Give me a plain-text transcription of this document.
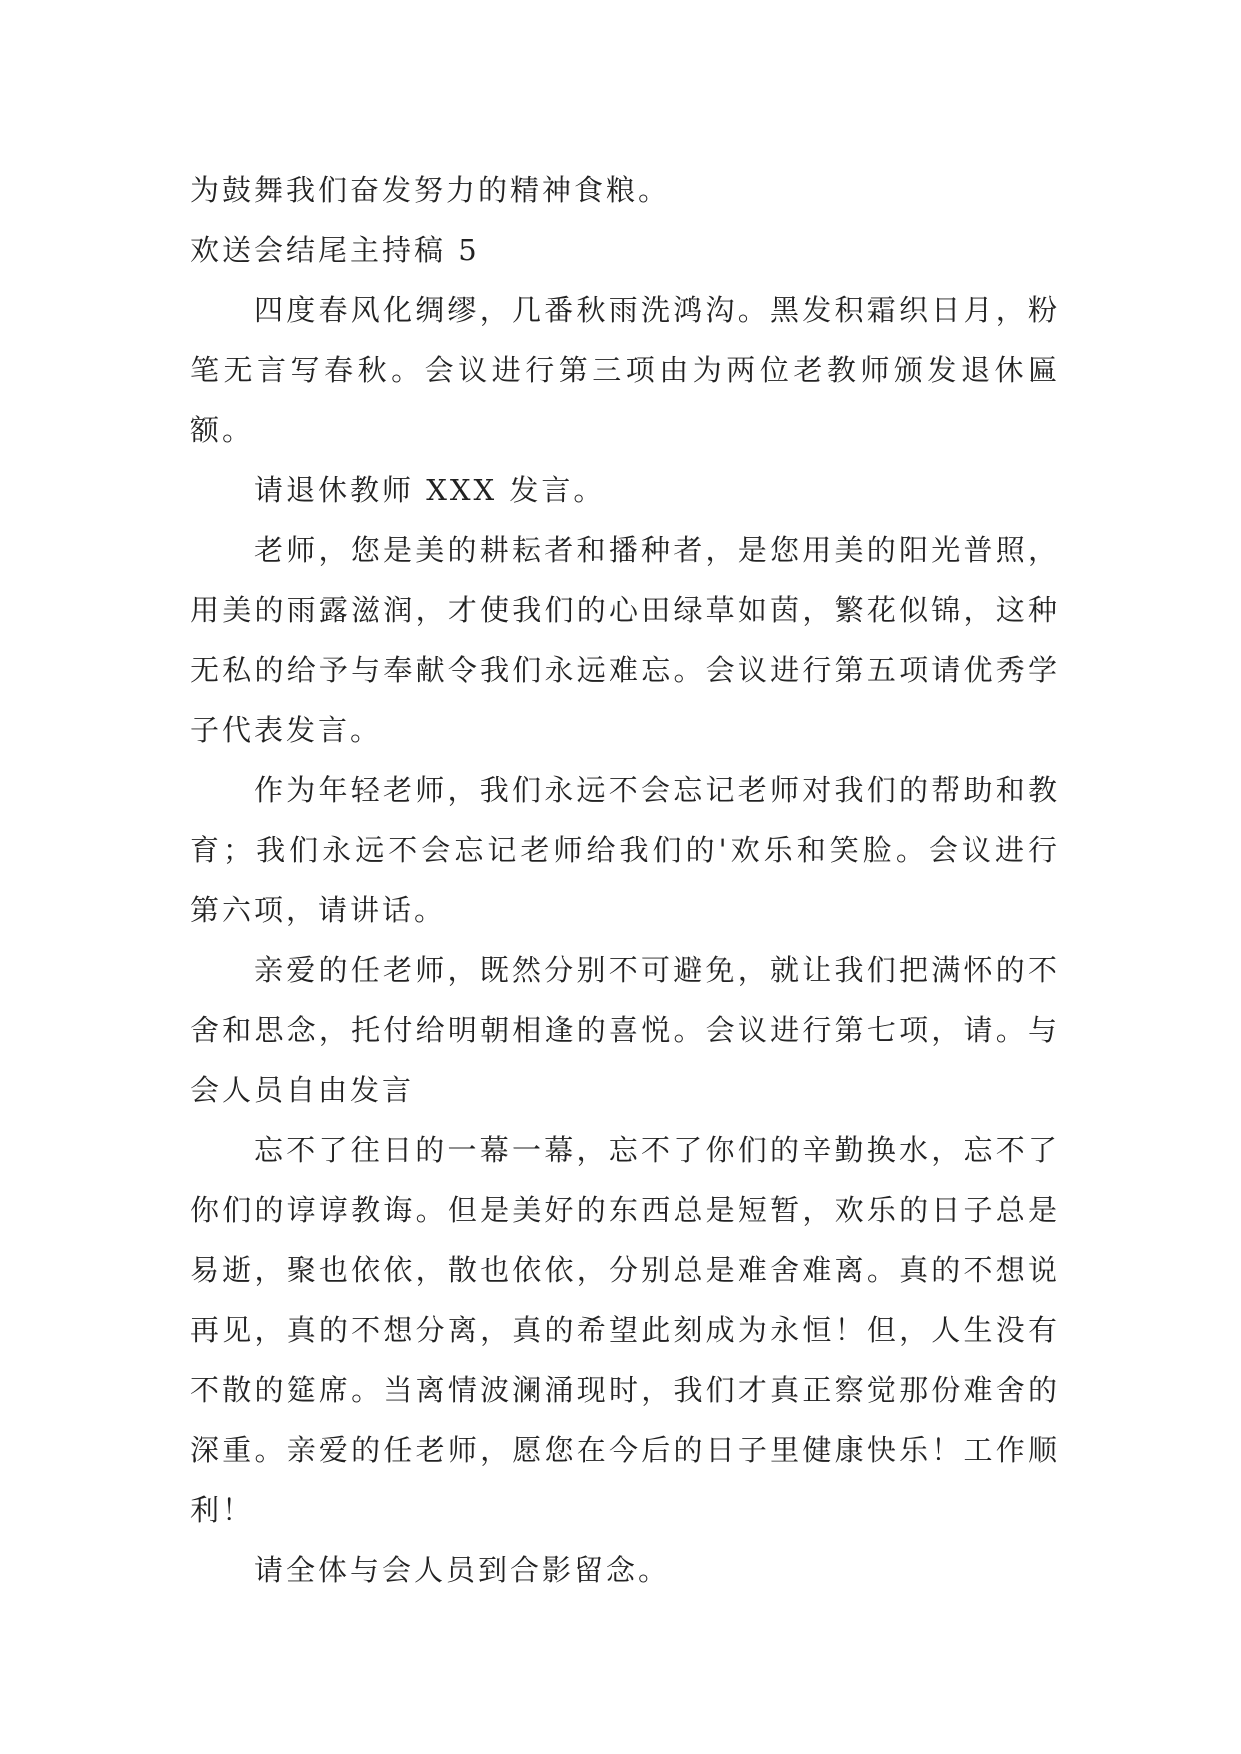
为鼓舞我们奋发努力的精神食粮。

欢送会结尾主持稿 5

四度春风化绸缪，几番秋雨洗鸿沟。黑发积霜织日月，粉笔无言写春秋。会议进行第三项由为两位老教师颁发退休匾额。

请退休教师 XXX 发言。

老师，您是美的耕耘者和播种者，是您用美的阳光普照，用美的雨露滋润，才使我们的心田绿草如茵，繁花似锦，这种无私的给予与奉献令我们永远难忘。会议进行第五项请优秀学子代表发言。

作为年轻老师，我们永远不会忘记老师对我们的帮助和教育；我们永远不会忘记老师给我们的'欢乐和笑脸。会议进行第六项，请讲话。

亲爱的任老师，既然分别不可避免，就让我们把满怀的不舍和思念，托付给明朝相逢的喜悦。会议进行第七项，请。与会人员自由发言

忘不了往日的一幕一幕，忘不了你们的辛勤换水，忘不了你们的谆谆教诲。但是美好的东西总是短暂，欢乐的日子总是易逝，聚也依依，散也依依，分别总是难舍难离。真的不想说再见，真的不想分离，真的希望此刻成为永恒！但，人生没有不散的筵席。当离情波澜涌现时，我们才真正察觉那份难舍的深重。亲爱的任老师，愿您在今后的日子里健康快乐！工作顺利！

请全体与会人员到合影留念。
